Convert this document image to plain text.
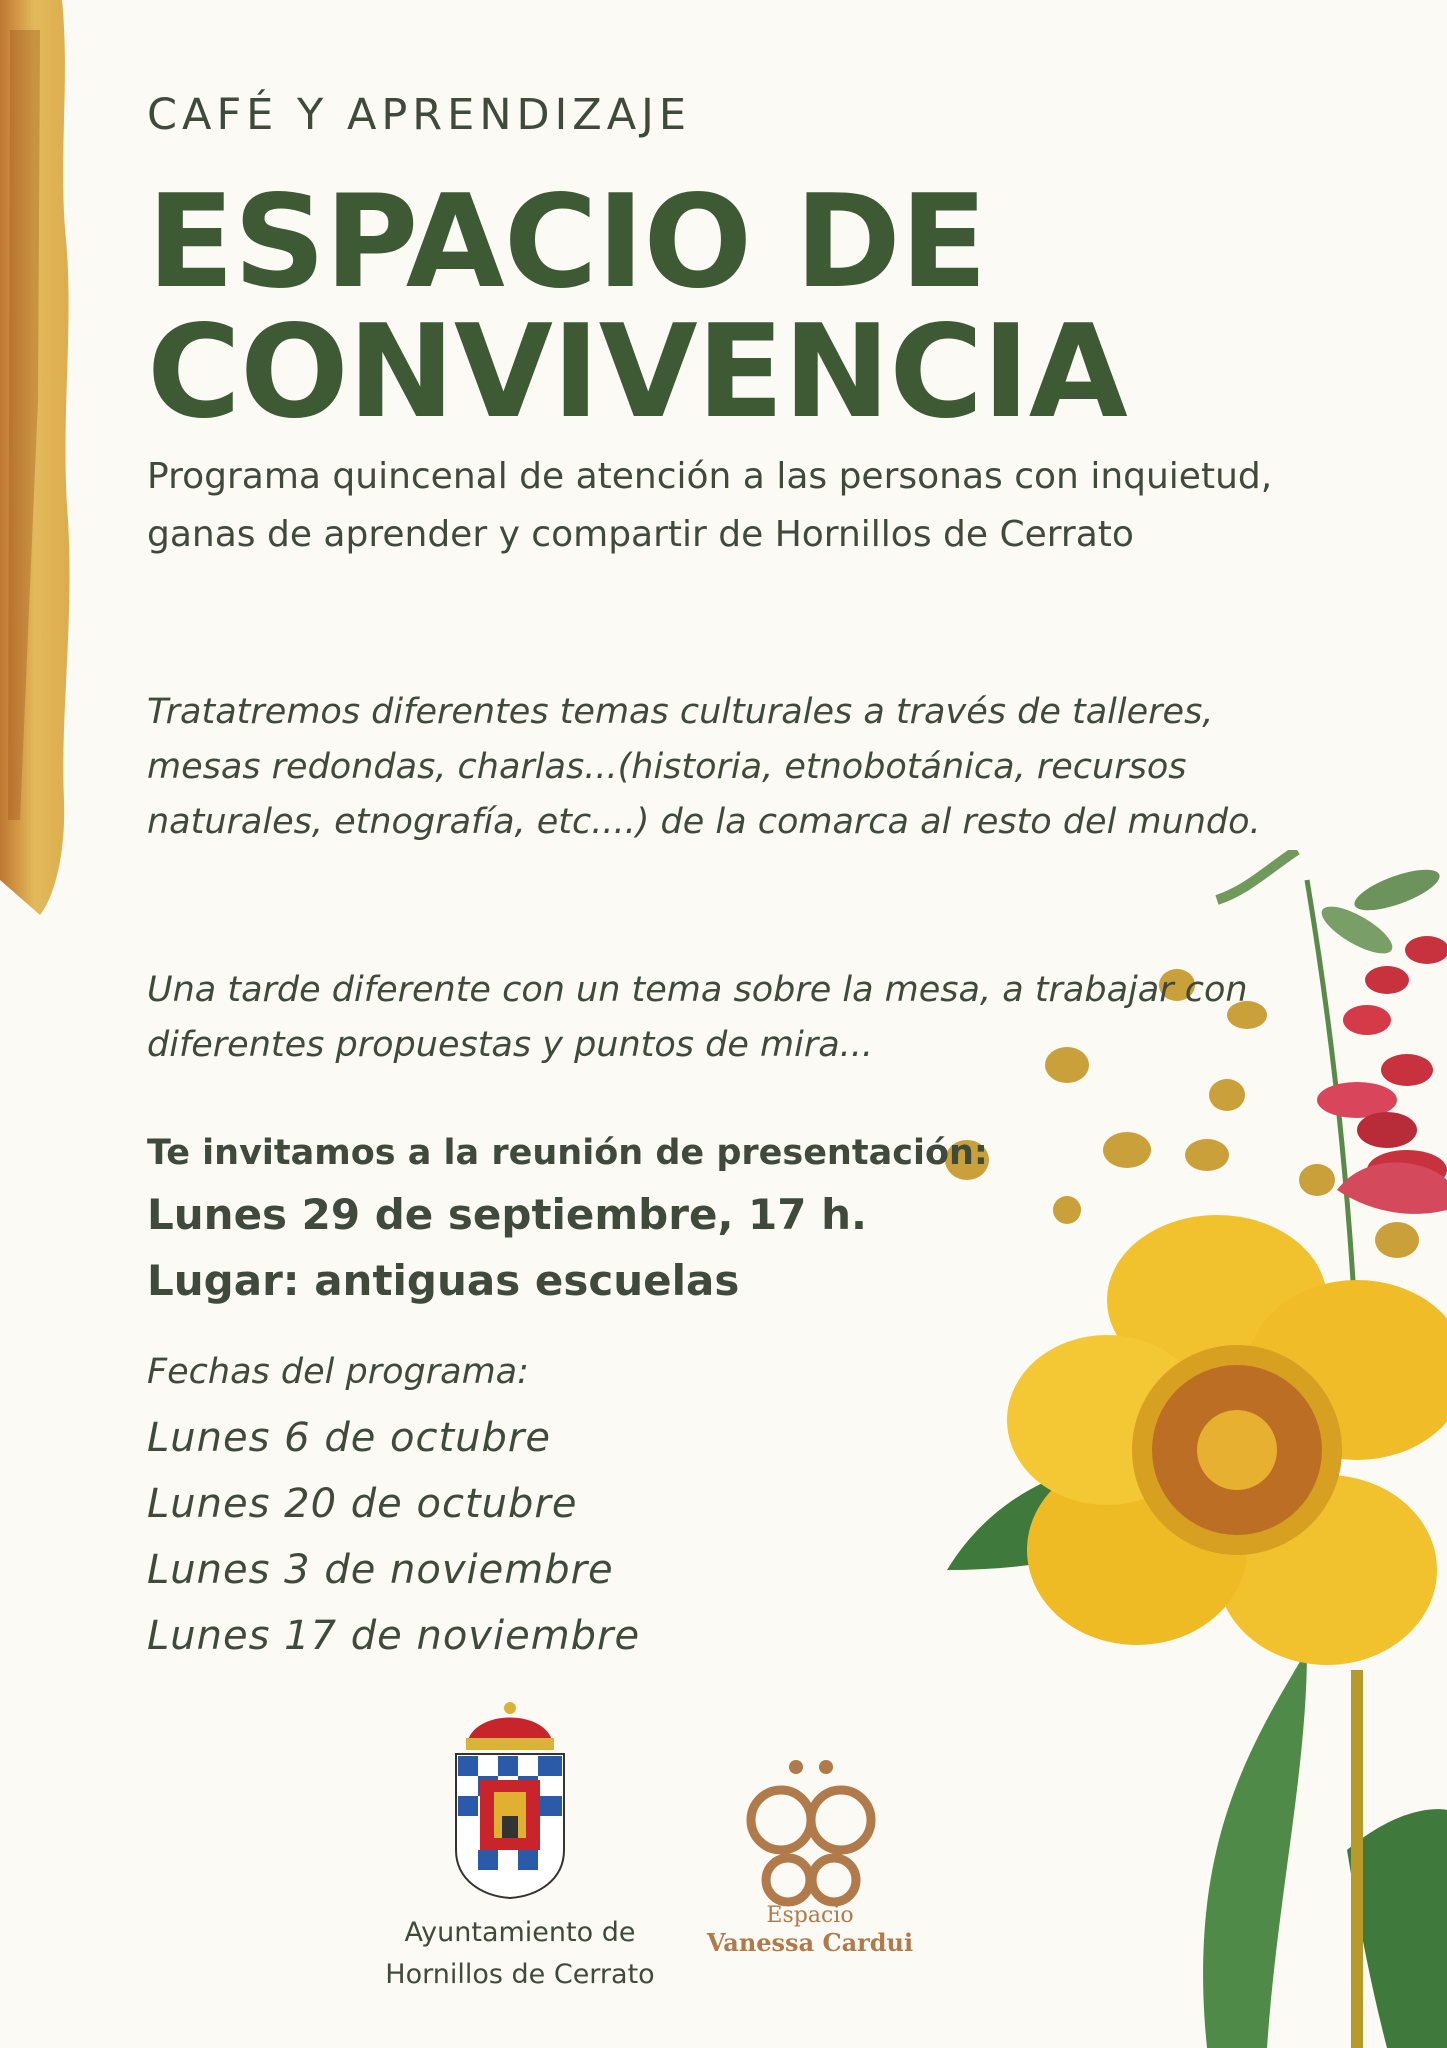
CAFÉ Y APRENDIZAJE
ESPACIO DE
CONVIVENCIA
Programa quincenal de atención a las personas con inquietud, ganas de aprender y compartir de Hornillos de Cerrato
Tratatremos diferentes temas culturales a través de talleres, mesas redondas, charlas...(historia, etnobotánica, recursos naturales, etnografía, etc....) de la comarca al resto del mundo.
Una tarde diferente con un tema sobre la mesa, a trabajar con diferentes propuestas y puntos de mira...
Te invitamos a la reunión de presentación:
Lunes 29 de septiembre, 17 h.
Lugar: antiguas escuelas
Fechas del programa:
Lunes 6 de octubre
Lunes 20 de octubre
Lunes 3 de noviembre
Lunes 17 de noviembre
Ayuntamiento de
Hornillos de Cerrato
Espacio
Vanessa Cardui
